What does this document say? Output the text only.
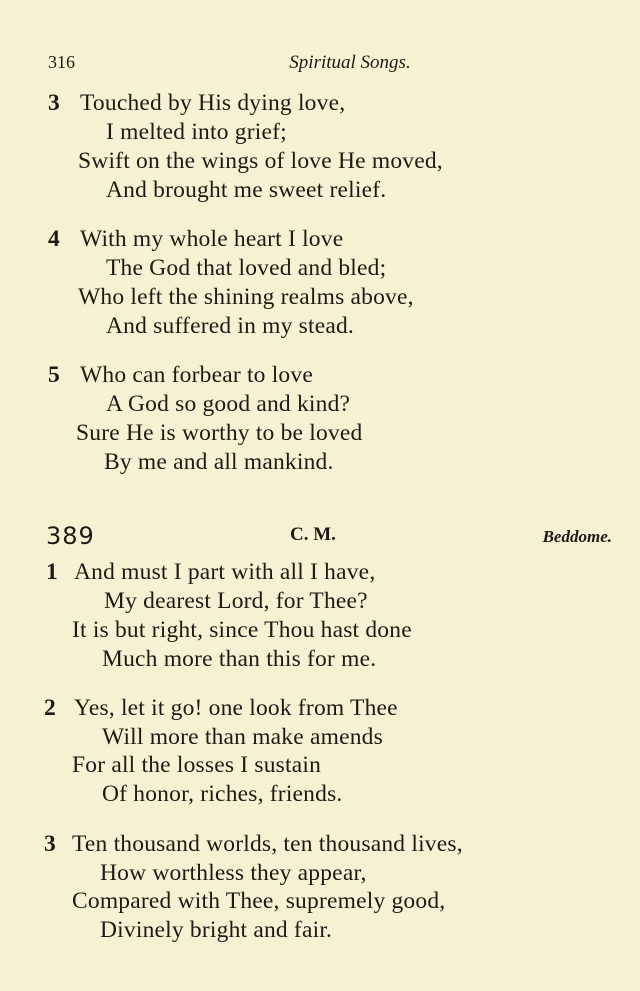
316	Spiritual Songs.
3 Touched by His dying love,
I melted into grief;
Swift on the wings of love He moved,
And brought me sweet relief.
4 With my whole heart I love
The God that loved and bled;
Who left the shining realms above,
And suffered in my stead.
5 Who can forbear to love
A God so good and kind?
Sure He is worthy to be loved
By me and all mankind.
389	C. M.	Beddome.
1 And must I part with all I have,
My dearest Lord, for Thee?
It is but right, since Thou hast done
Much more than this for me.
2 Yes, let it go! one look from Thee
Will more than make amends
For all the losses I sustain
Of honor, riches, friends.
3 Ten thousand worlds, ten thousand lives,
How worthless they appear,
Compared with Thee, supremely good,
Divinely bright and fair.
